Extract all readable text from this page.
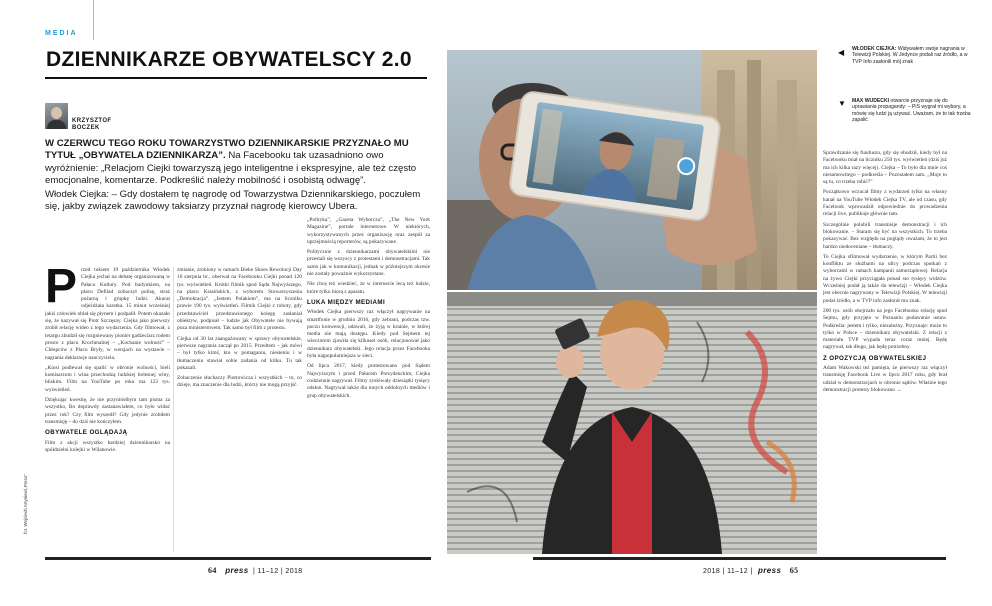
MEDIA
DZIENNIKARZE OBYWATELSCY 2.0
KRZYSZTOF
BOCZEK

W CZERWCU TEGO ROKU TOWARZYSTWO DZIENNIKARSKIE PRZYZNAŁO MU TYTUŁ „OBYWATELA DZIENNIKARZA”. Na Facebooku tak uzasadniono owo wyróżnienie: „Relacjom Ciejki towarzyszą jego inteligentne i ekspresyjne, ale też często emocjonalne, komentarze. Podkreślić należy mobilność i osobistą odwagę”.

Włodek Ciejka: – Gdy dostałem tę nagrodę od Towarzystwa Dziennikarskiego, poczułem się, jakby związek zawodowy taksiarzy przyznał nagrodę kierowcy Ubera.

fot. Wojciech Artyniew/„Press”
P rzed rokiem 19 października Włodek Ciejka jechał na debatę organizowaną w Pałacu Kultury. Pod budynkiem, na placu Defilad zobaczył polisę, straż pożarną i grupkę ludzi. Akurat odjeżdżała karetka. 15 minut wcześniej jakiś człowiek oblał się płynem i podpalił. Potem okazało się, że nazywał się Piotr Szczęsny. Ciejka jako pierwszy zrobił relację wideo z tego wydarzenia. Gdy filmował, z letargu zbudził się rozgniewany pionier gadżeciarz rodem prosto z placu Krochmalnej – „Kochanie wolność” – Chłopców z Placu Bryły, w wersjach na wystawie – nagrania deklaracje nauczyciela.

„Kiosi podlewał się spalić w obronie wolności, bieli komisarzom i wina przechodzą ludzkiej bolesnej winy, bliskim. Film na YouTube po roku ma 123 tys. wyświetleń.

Dziękując kwestię, że nie przyniósłbym tam pisma za wszystko, Bo doprawdy zastanawiałem, co było widać przez rok? Czy film wyszedł? Gdy jedynie zrobiłem transmisję – do dziś nie kończyłem.

OBYWATELE OGLĄDAJĄ

Film z akcji wszystko bardziej dziennikarsko na spółdzielni kolejki w Wilanowie.

zmianie, zrobiony w ramach Bieke Shoes Rewolucji Day 16 sierpnia br., oberwał na Facebooku Ciejki ponad 120 tys. wyświetleń. Krótki filmik spod Sądu Najwyższego, na placu Krasińskich, z wyborem Stowarzyszenia „Demokracja”. „Jestem Polakiem”, ma na liczniku prawie 190 tys. wyświetleń. Filmik Ciejki z roboty, gdy przedstawiciel przedstawionego kolegę zasłaniał obiektyw, podpisał – ludzie jak Obywatele nie bywają poza ministerstwem. Tak samo był film z protestu.

Ciejka od 30 lat zaangażowany w sprawy obywatelskie, pierwsze nagrania zaczął po 2015. Przedtem – jak mówi – był tylko kimś, kto w pomaganiu, niesieniu i w tłumaczeniu stawiał sobie zadania od kilku. Tu tak pokazali.

Zobaczenie słuchaczy Piotrowicza i wszystkich – to, co dzieje, ma znaczenie dla ludzi, którzy nie mogą przyjść.

„Polityka”, „Gazeta Wyborcza”, „The New York Magazine”, portale internetowe. W niektórych, wykorzystywanych przez organizację oraz zespół za uprzejmością reporterów, są pokazywane.

Politycznie z dziennikarzami obywatelskimi nie przestali się wszyscy z protestami i demonstracjami. Tak samo jak w komunikacji, jednak w późniejszym okresie nie zostały poważnie wykorzystane.

Nie chcę też wiedzieć, że w internecie lecą też ludzie, które tylko biorą z aparatu.

LUKA MIĘDZY MEDIAMI

Włodek Ciejka pierwszy raz włączył nagrywanie na smartfonie w grudniu 2016, gdy zebrani, podczas tzw. puczu konwencji, udawali, że żyją w krainie, w której media nie mają dostępu. Kiedy pod Sejmem tej wieczorem zjawiła się kilkuset osób, relacjonował jako dziennikarz obywatelski. Jego relacja przez Facebooka była najpopularniejsza w sieci.

Od lipca 2017, kiedy protestowano pod Sądem Najwyższym i przed Pałacem Prezydenckim, Ciejka codziennie nagrywał. Filmy zyskiwały dziesiątki tysięcy odsłon. Nagrywał także dla innych oddolnych mediów i grup obywatelskich.

64 press | 11–12 | 2018
WŁODEK CIEJKA: Widywałem swoje nagrania w Telewizji Polskiej. W Jedynce podali raz źródło, a w TVP Info zasłonili mój znak
◀
MAX WUDECKI otwarcie przyznaje się do uprawiania propagandy: – PiS wygrał mi wybory, a mówię się ludzi ją używać. Uważam, że to tak trzeba zapalić
▼

Sprawdzanie się funduszu, gdy się obudził, kiedy był na Facebooku miał na liczniku 250 tys. wyświetleń (dziś już ma ich kilka razy więcej). Ciejka – To było dla mnie coś niesamowitego – podkreśla – Pozostałem sam. „Moje to są tu, co trzeba robić?”

Początkowo wrzucał filmy z wydarzeń tylko na własny kanał na YouTube Włodek Ciejka TV, ale od czasu, gdy Facebook wprowadził odpowiednie do prowadzenia relacji live, publikuje głównie tam.

Szczególnie polubili transmisje demonstracji i ich blokowanie. – Staram się być na wszystkich. To trzeba pokazywać. Bez względu na poglądy uważam, że to jest bardzo niedoceniane – tłumaczy.

To Ciejka sfilmował wydarzenie, w którym Partii bez konfliktu ze służbami na ulicy podczas spotkań z wyborcami w ramach kampanii samorządowej. Relacja na żywo Ciejki przyciągała ponad sto tysięcy widzów. Wcześniej podał ją także do telewizji – Włodek Ciejka jest obecnie nagrywany w Telewizji Polskiej. W telewizji podał źródło, a w TVP info zasłonił mu znak.

200 tys. osób obejrzało na jego Facebooku relację spod Sejmu, gdy przyjęto w Poznaniu podawanie ustaw. Podkreśla: jestem i tylko, niezależny. Przyznaje: może to tylko w Polsce – dziennikarz obywatelski. Z relacji z materiału TVP wypada teraz coraz mniej. Będę nagrywał, tak długo, jak będę potrzebny.

Z OPOZYCJĄ OBYWATELSKIEJ

Adam Wakowski też pamięta, że pierwszy raz włączył transmisję Facebook Live w lipcu 2017 roku, gdy brał udział w demonstracjach w obronie sądów. Właśnie tego demonstracji protesty blokowano →

2018 | 11–12 | press 65
